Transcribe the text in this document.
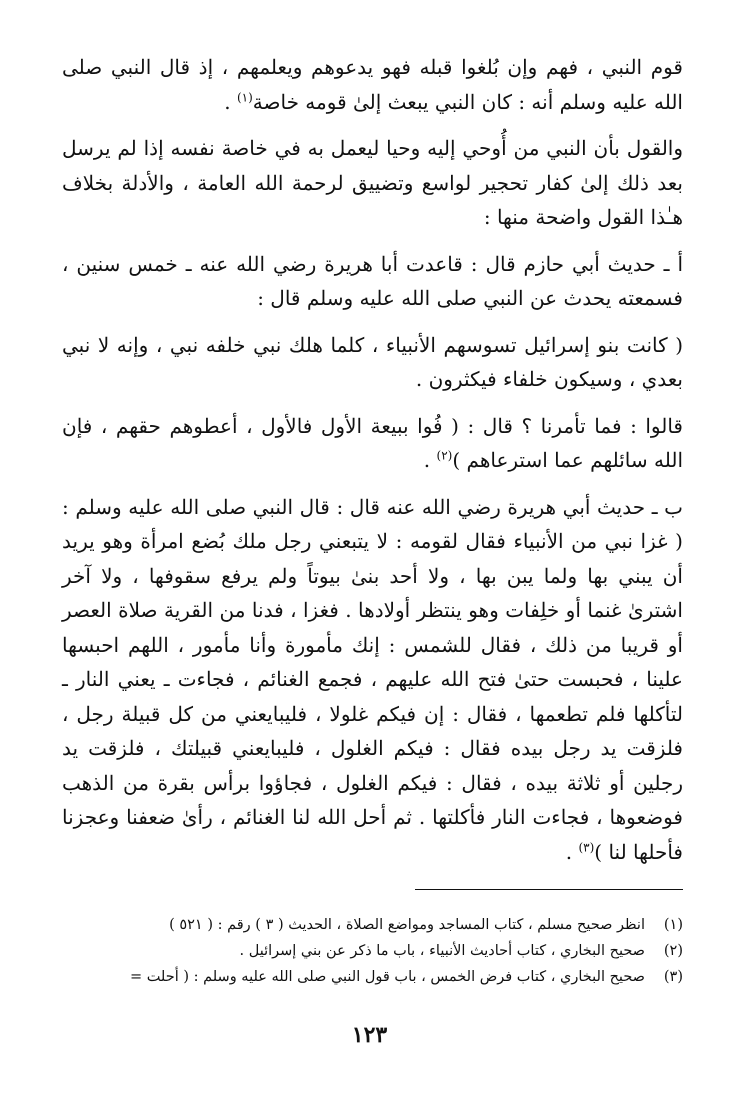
قوم النبي ، فهم وإن بُلغوا قبله فهو يدعوهم ويعلمهم ، إذ قال النبي صلى الله عليه وسلم أنه : كان النبي يبعث إلىٰ قومه خاصة$^{(١)}$ .

والقول بأن النبي من أُوحي إليه وحيا ليعمل به في خاصة نفسه إذا لم يرسل بعد ذلك إلىٰ كفار تحجير لواسع وتضييق لرحمة الله العامة ، والأدلة بخلاف هـٰذا القول واضحة منها :

أ ـ حديث أبي حازم قال : قاعدت أبا هريرة رضي الله عنه ـ خمس سنين ، فسمعته يحدث عن النبي صلى الله عليه وسلم قال :

( كانت بنو إسرائيل تسوسهم الأنبياء ، كلما هلك نبي خلفه نبي ، وإنه لا نبي بعدي ، وسيكون خلفاء فيكثرون .

قالوا : فما تأمرنا ؟ قال : ( فُوا ببيعة الأول فالأول ، أعطوهم حقهم ، فإن الله سائلهم عما استرعاهم )$^{(٢)}$ .

ب ـ حديث أبي هريرة رضي الله عنه قال : قال النبي صلى الله عليه وسلم : ( غزا نبي من الأنبياء فقال لقومه : لا يتبعني رجل ملك بُضع امرأة وهو يريد أن يبني بها ولما يبن بها ، ولا أحد بنىٰ بيوتاً ولم يرفع سقوفها ، ولا آخر اشترىٰ غنما أو خلِفات وهو ينتظر أولادها . فغزا ، فدنا من القرية صلاة العصر أو قريبا من ذلك ، فقال للشمس : إنك مأمورة وأنا مأمور ، اللهم احبسها علينا ، فحبست حتىٰ فتح الله عليهم ، فجمع الغنائم ، فجاءت ـ يعني النار ـ لتأكلها فلم تطعمها ، فقال : إن فيكم غلولا ، فليبايعني من كل قبيلة رجل ، فلزقت يد رجل بيده فقال : فيكم الغلول ، فليبايعني قبيلتك ، فلزقت يد رجلين أو ثلاثة بيده ، فقال : فيكم الغلول ، فجاؤوا برأس بقرة من الذهب فوضعوها ، فجاءت النار فأكلتها . ثم أحل الله لنا الغنائم ، رأىٰ ضعفنا وعجزنا فأحلها لنا )$^{(٣)}$ .

(١)
انظر صحيح مسلم ، كتاب المساجد ومواضع الصلاة ، الحديث ( ٣ ) رقم : ( ٥٢١ )
(٢)
صحيح البخاري ، كتاب أحاديث الأنبياء ، باب ما ذكر عن بني إسرائيل .
(٣)
صحيح البخاري ، كتاب فرض الخمس ، باب قول النبي صلى الله عليه وسلم : ( أحلت =
١٢٣
